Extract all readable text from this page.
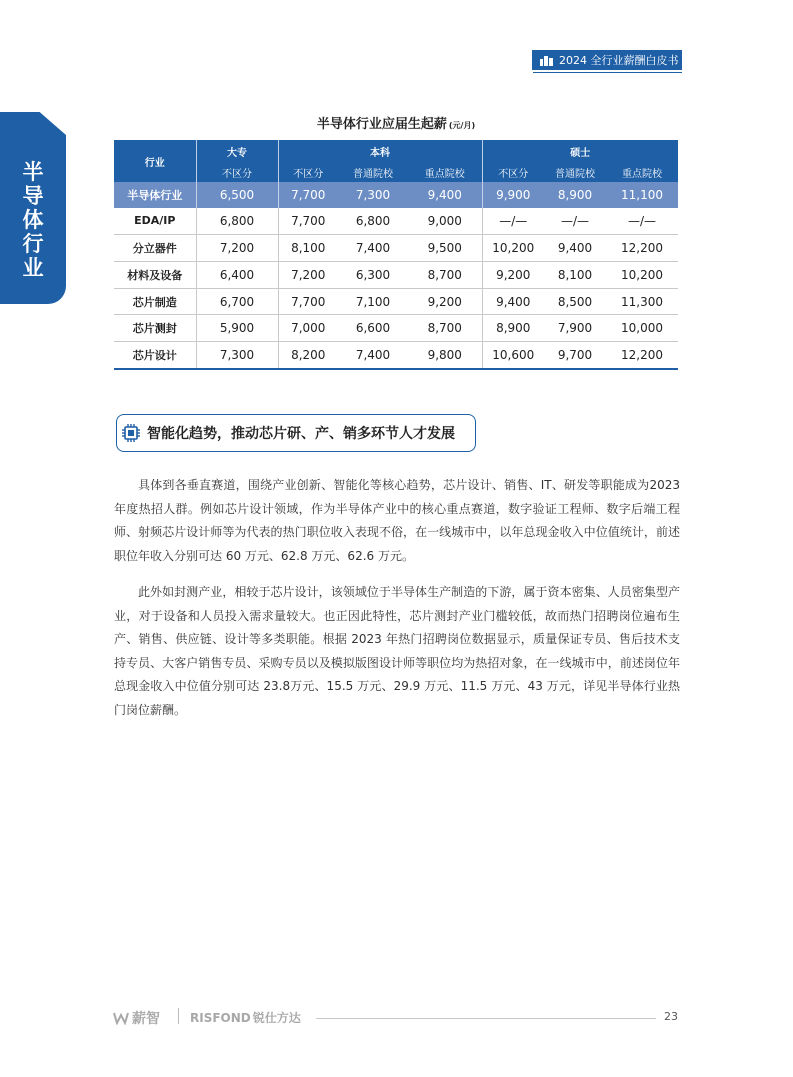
2024 全行业薪酬白皮书
半
导
体
行
业
半导体行业应届生起薪 (元/月)
行业	大专	本科			硕士		
	不区分	不区分	普通院校	重点院校	不区分	普通院校	重点院校
半导体行业	6,500	7,700	7,300	9,400	9,900	8,900	11,100
EDA/IP	6,800	7,700	6,800	9,000	—/—	—/—	—/—
分立器件	7,200	8,100	7,400	9,500	10,200	9,400	12,200
材料及设备	6,400	7,200	6,300	8,700	9,200	8,100	10,200
芯片制造	6,700	7,700	7,100	9,200	9,400	8,500	11,300
芯片测封	5,900	7,000	6,600	8,700	8,900	7,900	10,000
芯片设计	7,300	8,200	7,400	9,800	10,600	9,700	12,200
智能化趋势，推动芯片研、产、销多环节人才发展

具体到各垂直赛道，围绕产业创新、智能化等核心趋势，芯片设计、销售、IT、研发等职能成为2023年度热招人群。例如芯片设计领域，作为半导体产业中的核心重点赛道，数字验证工程师、数字后端工程师、射频芯片设计师等为代表的热门职位收入表现不俗，在一线城市中，以年总现金收入中位值统计，前述职位年收入分别可达 60 万元、62.8 万元、62.6 万元。

此外如封测产业，相较于芯片设计，该领域位于半导体生产制造的下游，属于资本密集、人员密集型产业，对于设备和人员投入需求量较大。也正因此特性，芯片测封产业门槛较低，故而热门招聘岗位遍布生产、销售、供应链、设计等多类职能。根据 2023 年热门招聘岗位数据显示，质量保证专员、售后技术支持专员、大客户销售专员、采购专员以及模拟版图设计师等职位均为热招对象，在一线城市中，前述岗位年总现金收入中位值分别可达 23.8万元、15.5 万元、29.9 万元、11.5 万元、43 万元，详见半导体行业热门岗位薪酬。

薪智	RISFOND 锐仕方达	23
